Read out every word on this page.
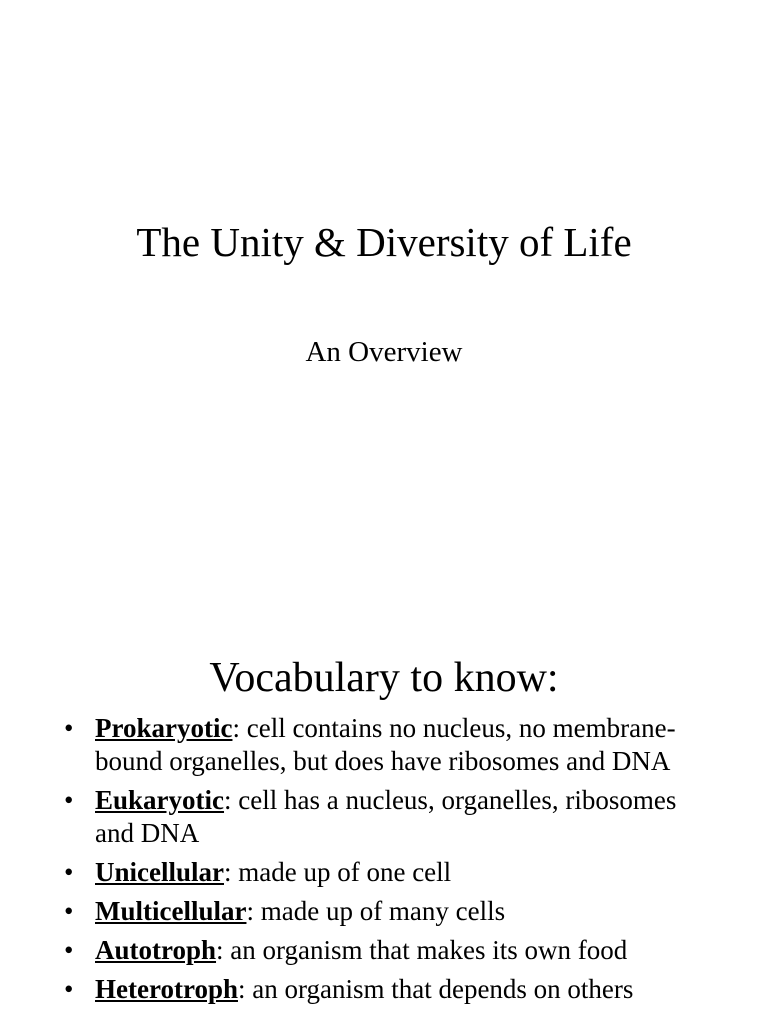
The Unity & Diversity of Life
An Overview
Vocabulary to know:
• Prokaryotic: cell contains no nucleus, no membrane-bound organelles, but does have ribosomes and DNA
• Eukaryotic: cell has a nucleus, organelles, ribosomes and DNA
• Unicellular: made up of one cell
• Multicellular: made up of many cells
• Autotroph: an organism that makes its own food
• Heterotroph: an organism that depends on others
